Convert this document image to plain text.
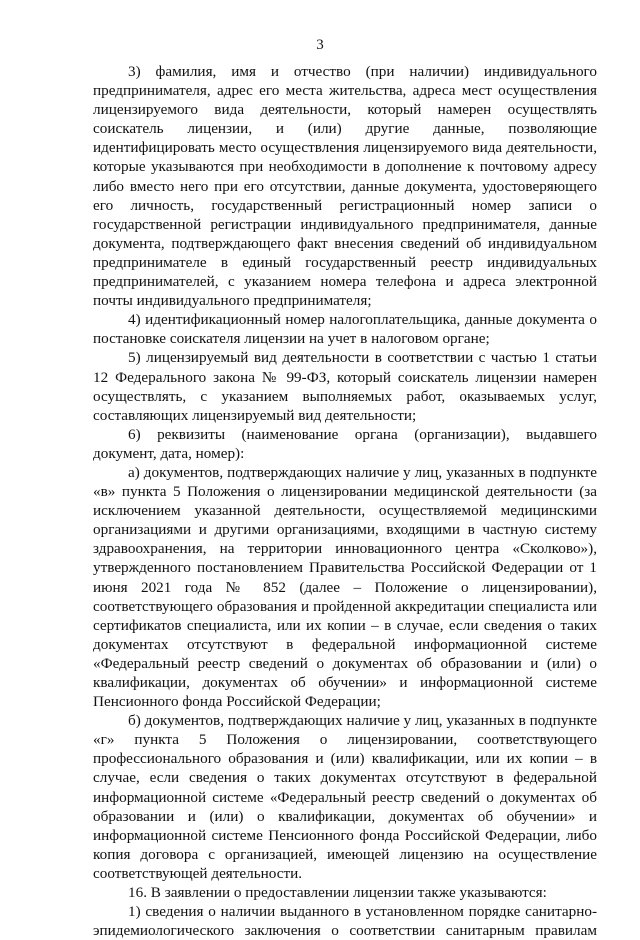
3

3) фамилия, имя и отчество (при наличии) индивидуального предпринимателя, адрес его места жительства, адреса мест осуществления лицензируемого вида деятельности, который намерен осуществлять соискатель лицензии, и (или) другие данные, позволяющие идентифицировать место осуществления лицензируемого вида деятельности, которые указываются при необходимости в дополнение к почтовому адресу либо вместо него при его отсутствии, данные документа, удостоверяющего его личность, государственный регистрационный номер записи о государственной регистрации индивидуального предпринимателя, данные документа, подтверждающего факт внесения сведений об индивидуальном предпринимателе в единый государственный реестр индивидуальных предпринимателей, с указанием номера телефона и адреса электронной почты индивидуального предпринимателя;

4) идентификационный номер налогоплательщика, данные документа о постановке соискателя лицензии на учет в налоговом органе;

5) лицензируемый вид деятельности в соответствии с частью 1 статьи 12 Федерального закона № 99-ФЗ, который соискатель лицензии намерен осуществлять, с указанием выполняемых работ, оказываемых услуг, составляющих лицензируемый вид деятельности;

6) реквизиты (наименование органа (организации), выдавшего документ, дата, номер):

а) документов, подтверждающих наличие у лиц, указанных в подпункте «в» пункта 5 Положения о лицензировании медицинской деятельности (за исключением указанной деятельности, осуществляемой медицинскими организациями и другими организациями, входящими в частную систему здравоохранения, на территории инновационного центра «Сколково»), утвержденного постановлением Правительства Российской Федерации от 1 июня 2021 года № 852 (далее – Положение о лицензировании), соответствующего образования и пройденной аккредитации специалиста или сертификатов специалиста, или их копии – в случае, если сведения о таких документах отсутствуют в федеральной информационной системе «Федеральный реестр сведений о документах об образовании и (или) о квалификации, документах об обучении» и информационной системе Пенсионного фонда Российской Федерации;

б) документов, подтверждающих наличие у лиц, указанных в подпункте «г» пункта 5 Положения о лицензировании, соответствующего профессионального образования и (или) квалификации, или их копии – в случае, если сведения о таких документах отсутствуют в федеральной информационной системе «Федеральный реестр сведений о документах об образовании и (или) о квалификации, документах об обучении» и информационной системе Пенсионного фонда Российской Федерации, либо копия договора с организацией, имеющей лицензию на осуществление соответствующей деятельности.

16. В заявлении о предоставлении лицензии также указываются:

1) сведения о наличии выданного в установленном порядке санитарно-эпидемиологического заключения о соответствии санитарным правилам
